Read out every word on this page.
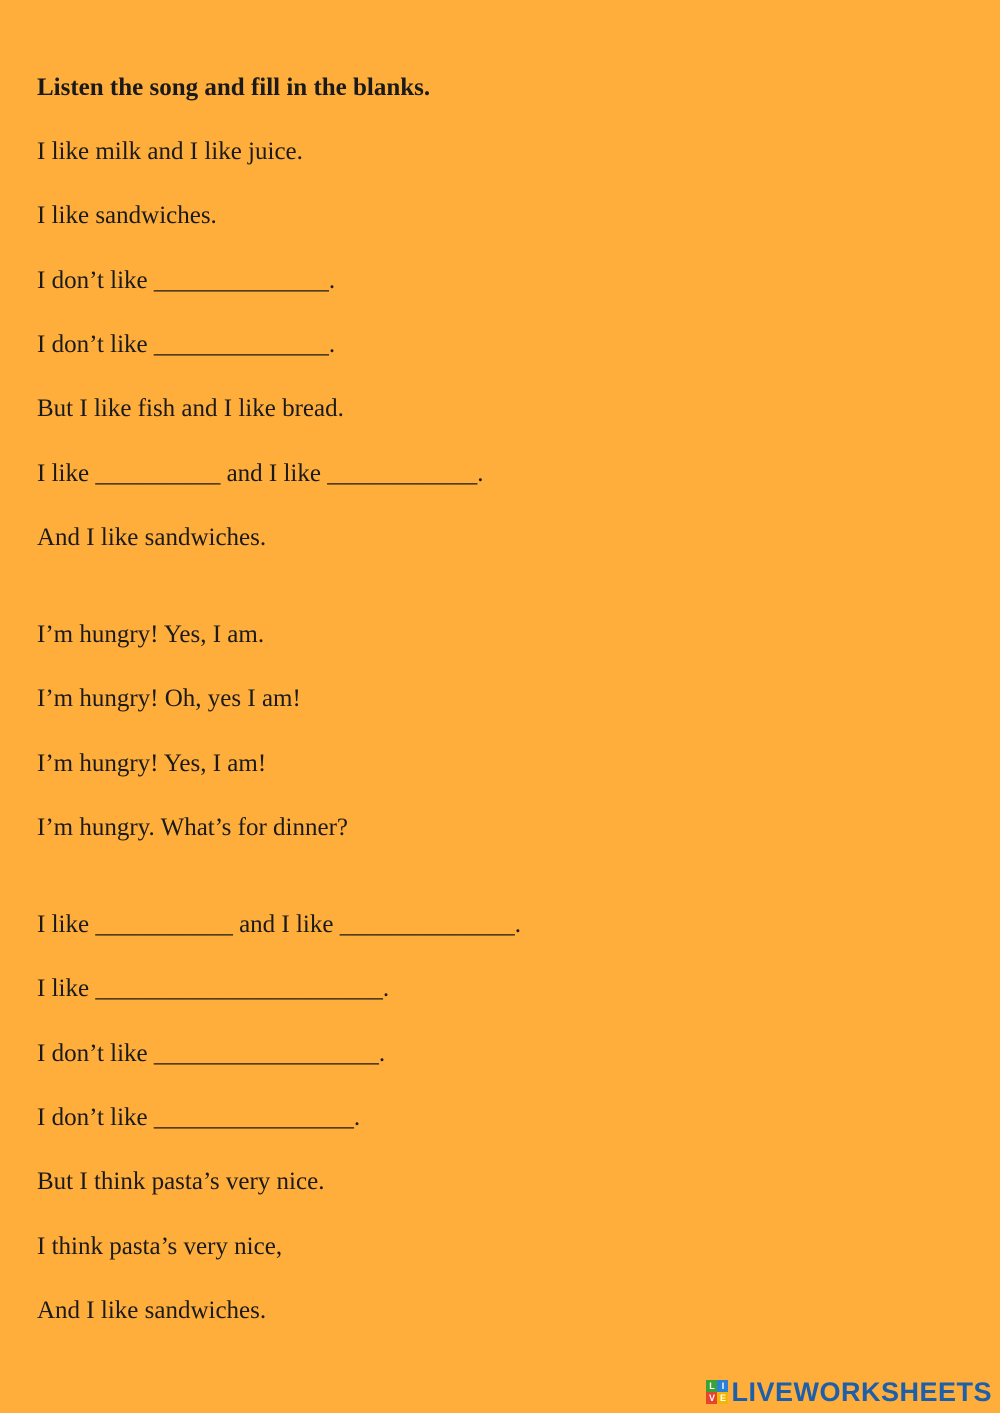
Listen the song and fill in the blanks.
I like milk and I like juice.
I like sandwiches.
I don’t like ______________.
I don’t like ______________.
But I like fish and I like bread.
I like __________ and I like ____________.
And I like sandwiches.
I’m hungry! Yes, I am.
I’m hungry! Oh, yes I am!
I’m hungry! Yes, I am!
I’m hungry. What’s for dinner?
I like ___________ and I like ______________.
I like _______________________.
I don’t like __________________.
I don’t like ________________.
But I think pasta’s very nice.
I think pasta’s very nice,
And I like sandwiches.
L I
V E LIVEWORKSHEETS
